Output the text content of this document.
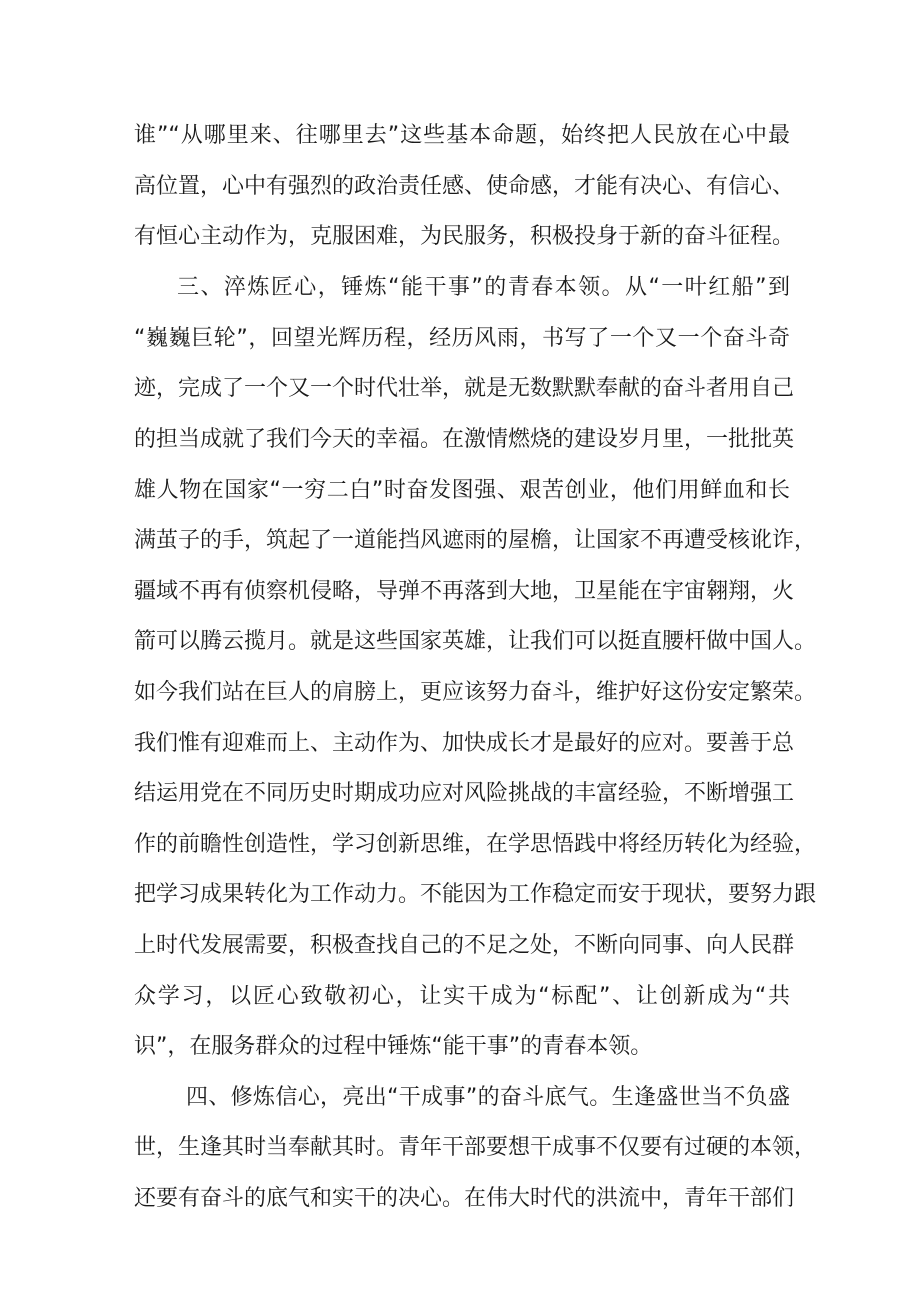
谁”“从哪里来、往哪里去”这些基本命题，始终把人民放在心中最
高位置，心中有强烈的政治责任感、使命感，才能有决心、有信心、
有恒心主动作为，克服困难，为民服务，积极投身于新的奋斗征程。
三、淬炼匠心，锤炼“能干事”的青春本领。从“一叶红船”到
“巍巍巨轮”，回望光辉历程，经历风雨，书写了一个又一个奋斗奇
迹，完成了一个又一个时代壮举，就是无数默默奉献的奋斗者用自己
的担当成就了我们今天的幸福。在激情燃烧的建设岁月里，一批批英
雄人物在国家“一穷二白”时奋发图强、艰苦创业，他们用鲜血和长
满茧子的手，筑起了一道能挡风遮雨的屋檐，让国家不再遭受核讹诈，
疆域不再有侦察机侵略，导弹不再落到大地，卫星能在宇宙翱翔，火
箭可以腾云揽月。就是这些国家英雄，让我们可以挺直腰杆做中国人。
如今我们站在巨人的肩膀上，更应该努力奋斗，维护好这份安定繁荣。
我们惟有迎难而上、主动作为、加快成长才是最好的应对。要善于总
结运用党在不同历史时期成功应对风险挑战的丰富经验，不断增强工
作的前瞻性创造性，学习创新思维，在学思悟践中将经历转化为经验，
把学习成果转化为工作动力。不能因为工作稳定而安于现状，要努力跟
上时代发展需要，积极查找自己的不足之处，不断向同事、向人民群
众学习，以匠心致敬初心，让实干成为“标配”、让创新成为“共
识”，在服务群众的过程中锤炼“能干事”的青春本领。
四、修炼信心，亮出“干成事”的奋斗底气。生逢盛世当不负盛
世，生逢其时当奉献其时。青年干部要想干成事不仅要有过硬的本领，
还要有奋斗的底气和实干的决心。在伟大时代的洪流中，青年干部们
